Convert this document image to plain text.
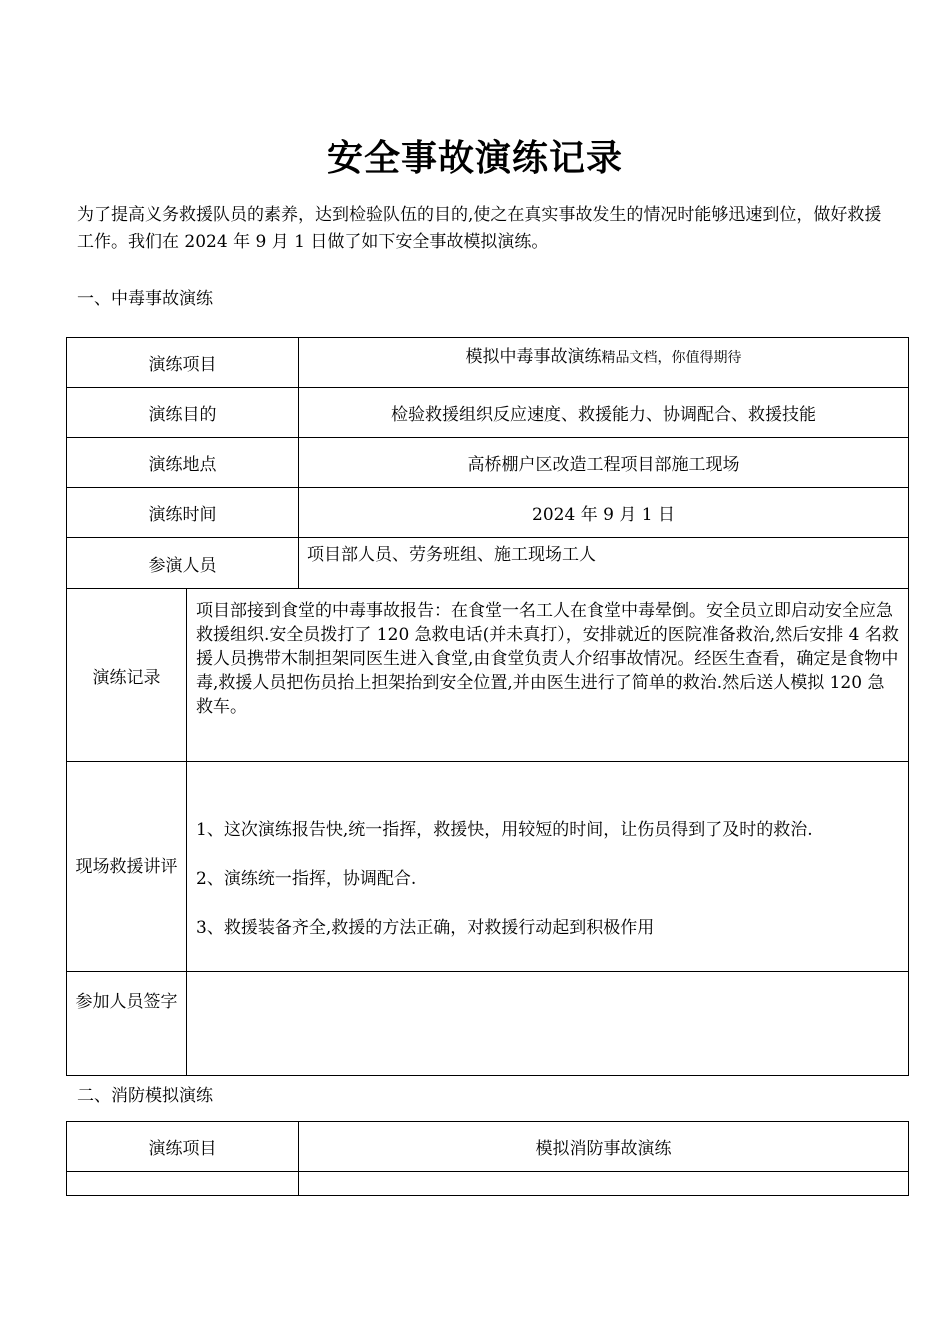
安全事故演练记录

为了提高义务救援队员的素养，达到检验队伍的目的,使之在真实事故发生的情况时能够迅速到位，做好救援工作。我们在 2024 年 9 月 1 日做了如下安全事故模拟演练。

一、中毒事故演练

演练项目		模拟中毒事故演练精品文档，你值得期待
演练目的		检验救援组织反应速度、救援能力、协调配合、救援技能
演练地点		高桥棚户区改造工程项目部施工现场
演练时间		2024 年 9 月 1 日
参演人员		项目部人员、劳务班组、施工现场工人
演练记录	项目部接到食堂的中毒事故报告：在食堂一名工人在食堂中毒晕倒。安全员立即启动安全应急救援组织.安全员拨打了 120 急救电话(并未真打），安排就近的医院准备救治,然后安排 4 名救援人员携带木制担架同医生进入食堂,由食堂负责人介绍事故情况。经医生查看，确定是食物中毒,救援人员把伤员抬上担架抬到安全位置,并由医生进行了简单的救治.然后送人模拟 120 急救车。	
现场救援讲评	1、这次演练报告快,统一指挥，救援快，用较短的时间，让伤员得到了及时的救治.

2、演练统一指挥，协调配合.

3、救援装备齐全,救援的方法正确，对救援行动起到积极作用	

参加人员签字		

二、消防模拟演练

演练项目	模拟消防事故演练
